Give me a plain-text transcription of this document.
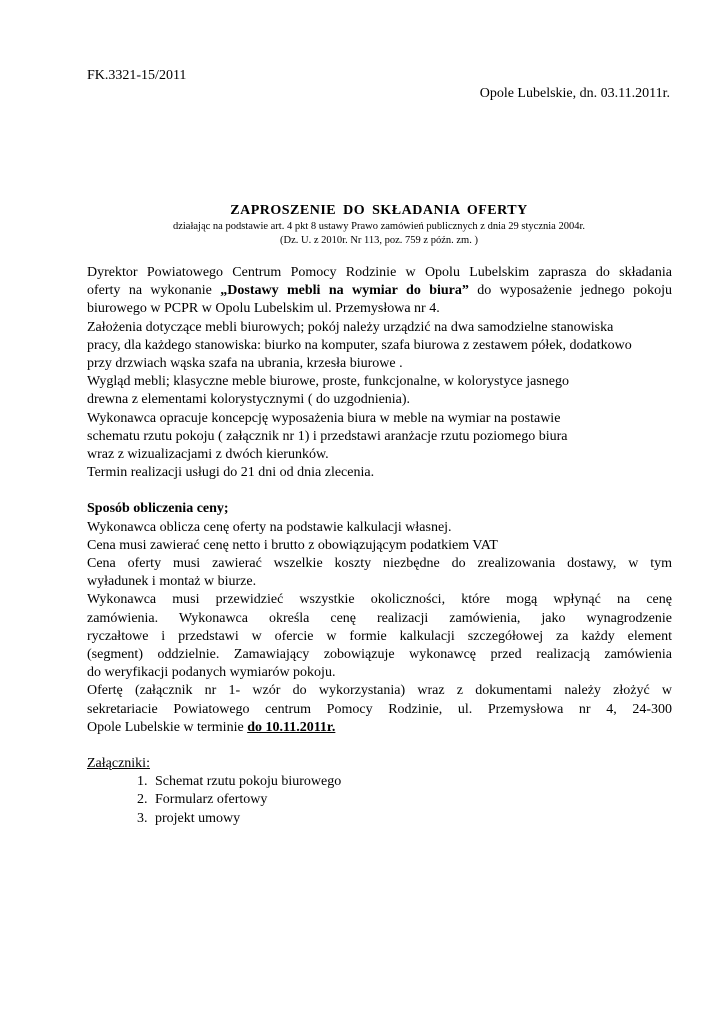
FK.3321-15/2011
Opole Lubelskie, dn. 03.11.2011r.
ZAPROSZENIE DO SKŁADANIA OFERTY
działając na podstawie art. 4 pkt 8 ustawy Prawo zamówień publicznych z dnia 29 stycznia 2004r.
(Dz. U. z 2010r. Nr 113, poz. 759 z późn. zm. )
Dyrektor Powiatowego Centrum Pomocy Rodzinie w Opolu Lubelskim zaprasza do składania
oferty na wykonanie „Dostawy mebli na wymiar do biura” do wyposażenie jednego pokoju
biurowego w PCPR w Opolu Lubelskim ul. Przemysłowa nr 4.
Założenia dotyczące mebli biurowych; pokój należy urządzić na dwa samodzielne stanowiska
pracy, dla każdego stanowiska: biurko na komputer, szafa biurowa z zestawem półek, dodatkowo
przy drzwiach wąska szafa na ubrania, krzesła biurowe .
Wygląd mebli; klasyczne meble biurowe, proste, funkcjonalne, w kolorystyce jasnego
drewna z elementami kolorystycznymi ( do uzgodnienia).
Wykonawca opracuje koncepcję wyposażenia biura w meble na wymiar na postawie
schematu rzutu pokoju ( załącznik nr 1) i przedstawi aranżacje rzutu poziomego biura
wraz z wizualizacjami z dwóch kierunków.
Termin realizacji usługi do 21 dni od dnia zlecenia.
Sposób obliczenia ceny;
Wykonawca oblicza cenę oferty na podstawie kalkulacji własnej.
Cena musi zawierać cenę netto i brutto z obowiązującym podatkiem VAT
Cena oferty musi zawierać wszelkie koszty niezbędne do zrealizowania dostawy, w tym
wyładunek i montaż w biurze.
Wykonawca musi przewidzieć wszystkie okoliczności, które mogą wpłynąć na cenę
zamówienia. Wykonawca określa cenę realizacji zamówienia, jako wynagrodzenie
ryczałtowe i przedstawi w ofercie w formie kalkulacji szczegółowej za każdy element
(segment) oddzielnie. Zamawiający zobowiązuje wykonawcę przed realizacją zamówienia
do weryfikacji podanych wymiarów pokoju.
Ofertę (załącznik nr 1- wzór do wykorzystania) wraz z dokumentami należy złożyć w
sekretariacie Powiatowego centrum Pomocy Rodzinie, ul. Przemysłowa nr 4, 24-300
Opole Lubelskie w terminie do 10.11.2011r.
Załączniki:
1. Schemat rzutu pokoju biurowego
2. Formularz ofertowy
3. projekt umowy
